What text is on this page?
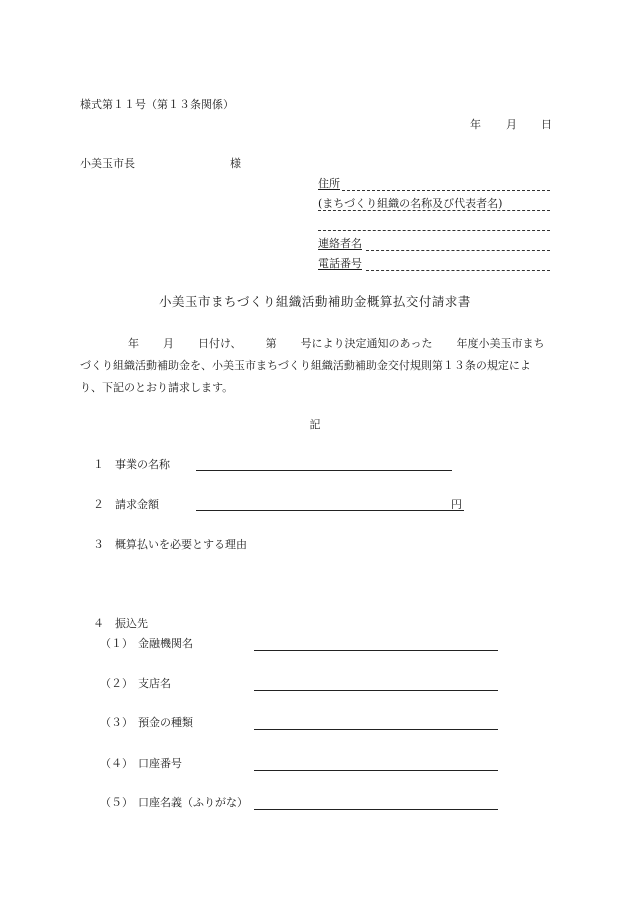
様式第１１号（第１３条関係）
年 月 日
小美玉市長	様
住所
(まちづくり組織の名称及び代表者名)
連絡者名
電話番号
小美玉市まちづくり組織活動補助金概算払交付請求書
年 月 日付け、 第 号により決定通知のあった 年度小美玉市まち
づくり組織活動補助金を、小美玉市まちづくり組織活動補助金交付規則第１３条の規定によ
り、下記のとおり請求します。
記
１ 事業の名称
２ 請求金額	円
３ 概算払いを必要とする理由
４ 振込先
（１） 金融機関名
（２） 支店名
（３） 預金の種類
（４） 口座番号
（５） 口座名義（ふりがな）
